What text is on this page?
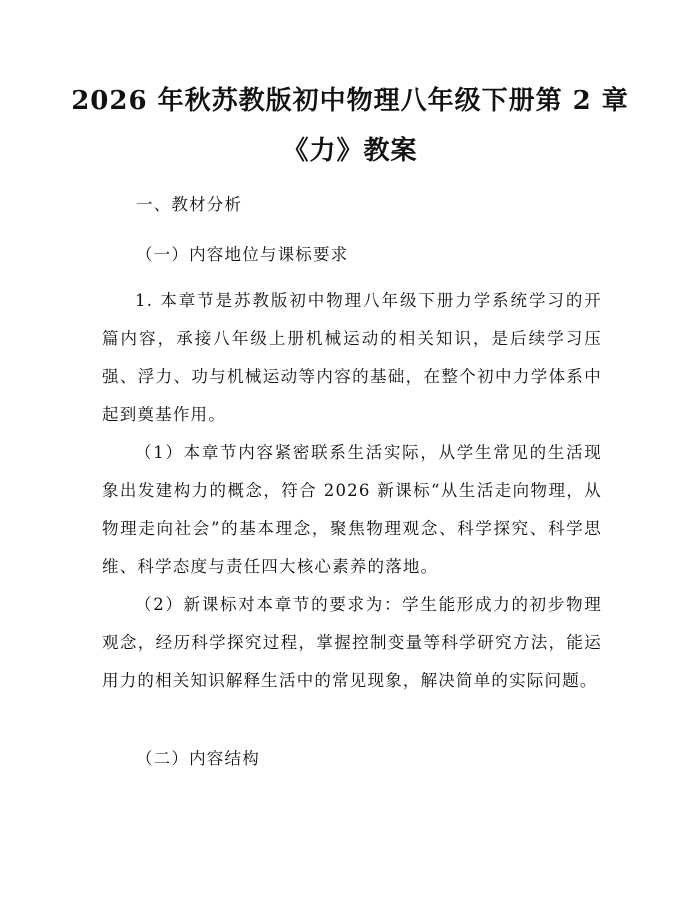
2026 年秋苏教版初中物理八年级下册第 2 章
《力》教案

一、教材分析

（一）内容地位与课标要求

1. 本章节是苏教版初中物理八年级下册力学系统学习的开篇内容，承接八年级上册机械运动的相关知识，是后续学习压强、浮力、功与机械运动等内容的基础，在整个初中力学体系中起到奠基作用。

（1）本章节内容紧密联系生活实际，从学生常见的生活现象出发建构力的概念，符合 2026 新课标“从生活走向物理，从物理走向社会”的基本理念，聚焦物理观念、科学探究、科学思维、科学态度与责任四大核心素养的落地。

（2）新课标对本章节的要求为：学生能形成力的初步物理观念，经历科学探究过程，掌握控制变量等科学研究方法，能运用力的相关知识解释生活中的常见现象，解决简单的实际问题。

（二）内容结构
